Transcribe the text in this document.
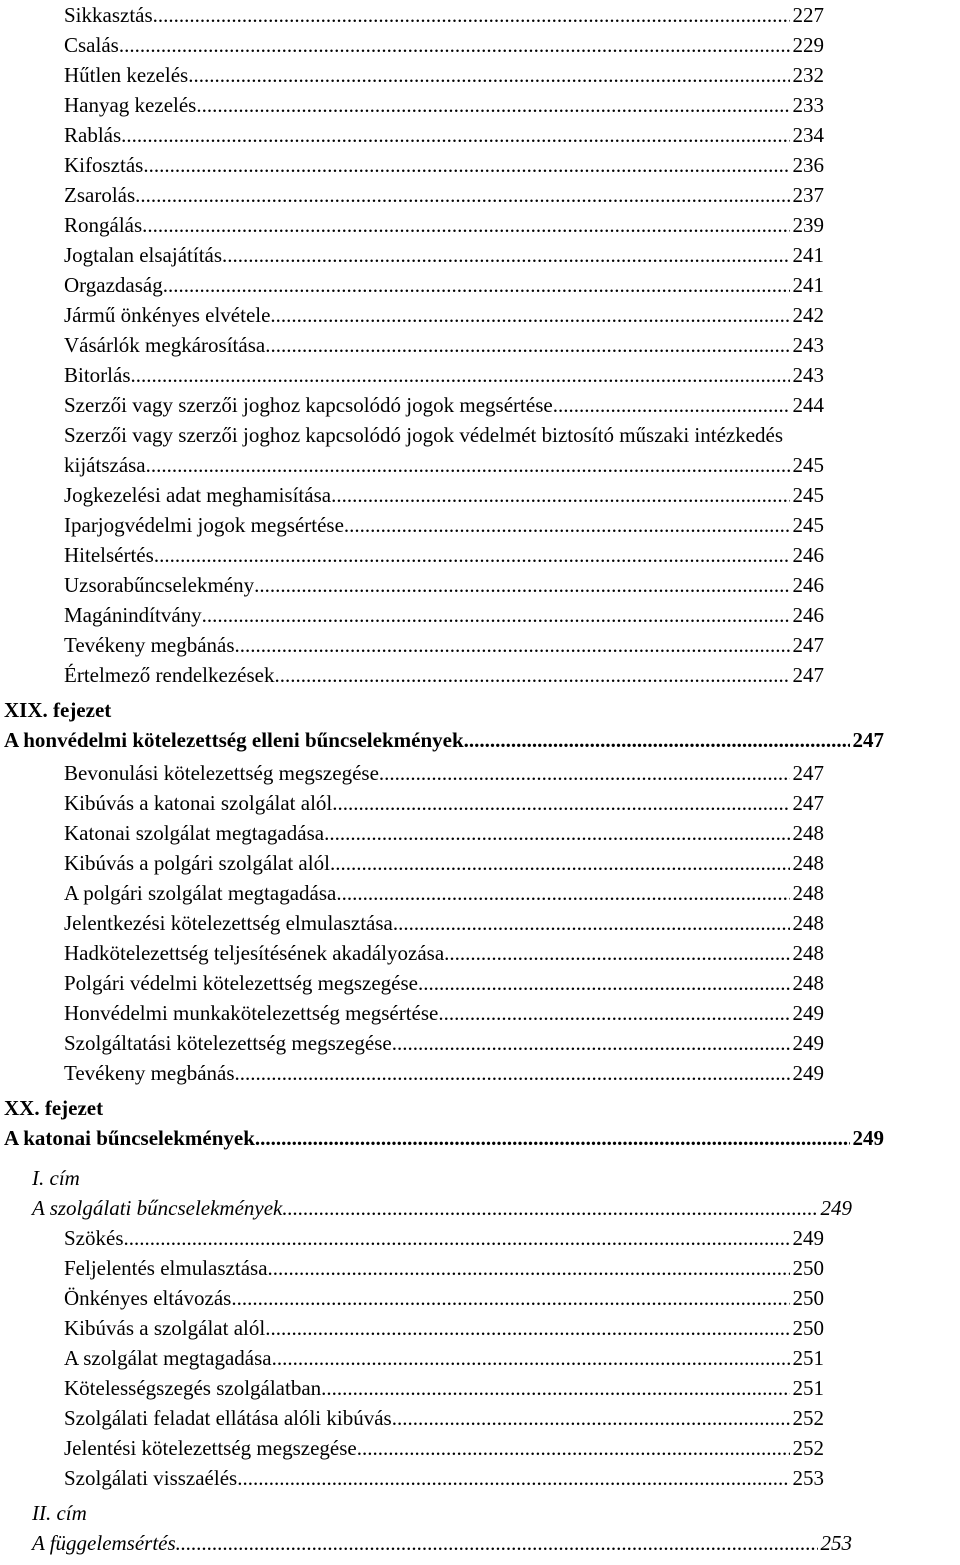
Sikkasztás .....	227
Csalás .....	229
Hűtlen kezelés .....	232
Hanyag kezelés .....	233
Rablás .....	234
Kifosztás .....	236
Zsarolás .....	237
Rongálás .....	239
Jogtalan elsajátítás .....	241
Orgazdaság .....	241
Jármű önkényes elvétele .....	242
Vásárlók megkárosítása .....	243
Bitorlás .....	243
Szerzői vagy szerzői joghoz kapcsolódó jogok megsértése .....	244
Szerzői vagy szerzői joghoz kapcsolódó jogok védelmét biztosító műszaki intézkedés
kijátszása .....	245
Jogkezelési adat meghamisítása .....	245
Iparjogvédelmi jogok megsértése .....	245
Hitelsértés .....	246
Uzsorabűncselekmény .....	246
Magánindítvány .....	246
Tevékeny megbánás .....	247
Értelmező rendelkezések .....	247
XIX. fejezet
A honvédelmi kötelezettség elleni bűncselekmények .....	247
Bevonulási kötelezettség megszegése .....	247
Kibúvás a katonai szolgálat alól .....	247
Katonai szolgálat megtagadása .....	248
Kibúvás a polgári szolgálat alól .....	248
A polgári szolgálat megtagadása .....	248
Jelentkezési kötelezettség elmulasztása .....	248
Hadkötelezettség teljesítésének akadályozása .....	248
Polgári védelmi kötelezettség megszegése .....	248
Honvédelmi munkakötelezettség megsértése .....	249
Szolgáltatási kötelezettség megszegése .....	249
Tevékeny megbánás .....	249
XX. fejezet
A katonai bűncselekmények .....	249
I. cím
A szolgálati bűncselekmények .....	249
Szökés .....	249
Feljelentés elmulasztása .....	250
Önkényes eltávozás .....	250
Kibúvás a szolgálat alól .....	250
A szolgálat megtagadása .....	251
Kötelességszegés szolgálatban .....	251
Szolgálati feladat ellátása alóli kibúvás .....	252
Jelentési kötelezettség megszegése .....	252
Szolgálati visszaélés .....	253
II. cím
A függelemsértés .....	253
